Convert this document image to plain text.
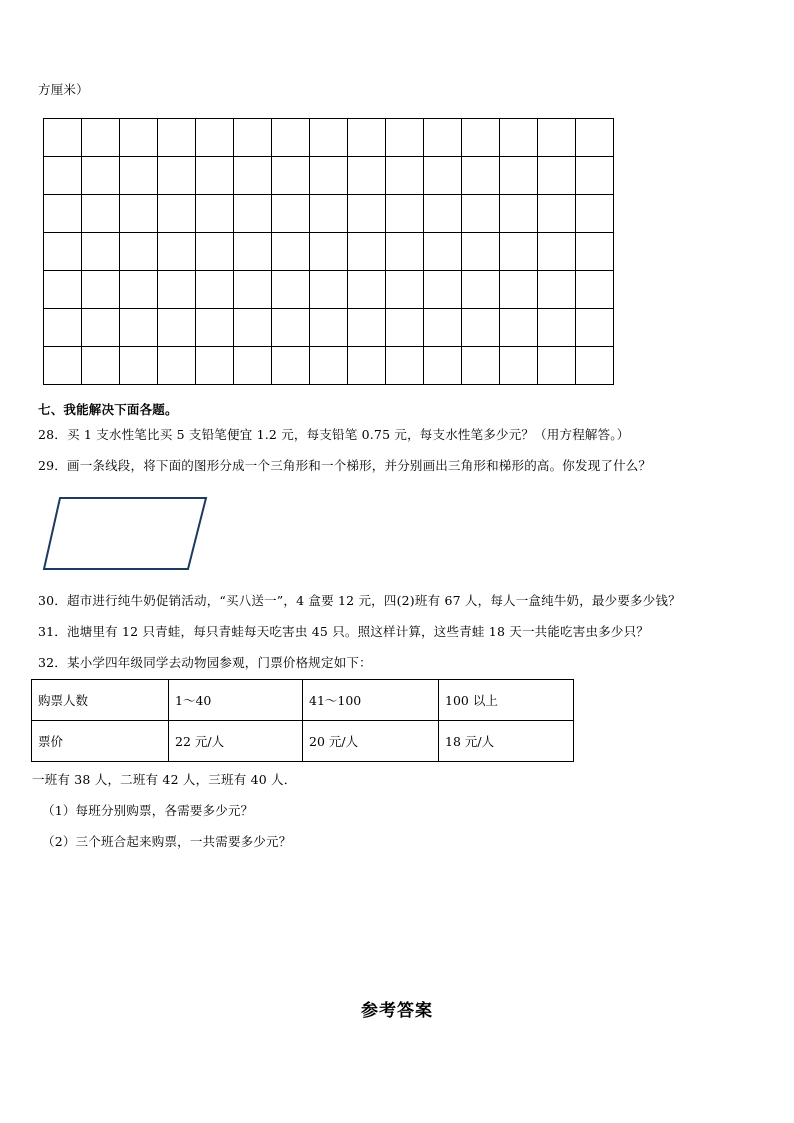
方厘米）

七、我能解决下面各题。
28．买 1 支水性笔比买 5 支铅笔便宜 1.2 元，每支铅笔 0.75 元，每支水性笔多少元？（用方程解答。）
29．画一条线段，将下面的图形分成一个三角形和一个梯形，并分别画出三角形和梯形的高。你发现了什么？
30．超市进行纯牛奶促销活动，“买八送一”，4 盒要 12 元，四(2)班有 67 人，每人一盒纯牛奶，最少要多少钱？
31．池塘里有 12 只青蛙，每只青蛙每天吃害虫 45 只。照这样计算，这些青蛙 18 天一共能吃害虫多少只？
32．某小学四年级同学去动物园参观，门票价格规定如下：
购票人数	1～40	41～100	100 以上
票价	22 元/人	20 元/人	18 元/人
一班有 38 人，二班有 42 人，三班有 40 人．
（1）每班分别购票，各需要多少元？
（2）三个班合起来购票，一共需要多少元？
参考答案
